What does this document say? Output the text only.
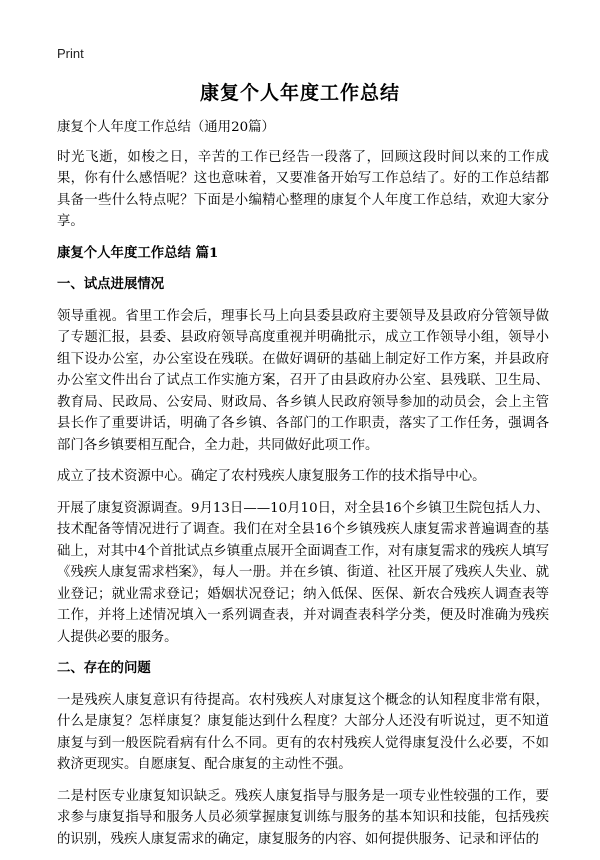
Print
康复个人年度工作总结

康复个人年度工作总结（通用20篇）

时光飞逝，如梭之日，辛苦的工作已经告一段落了，回顾这段时间以来的工作成果，你有什么感悟呢？这也意味着，又要准备开始写工作总结了。好的工作总结都具备一些什么特点呢？下面是小编精心整理的康复个人年度工作总结，欢迎大家分享。

康复个人年度工作总结 篇1

一、试点进展情况

领导重视。省里工作会后，理事长马上向县委县政府主要领导及县政府分管领导做了专题汇报，县委、县政府领导高度重视并明确批示，成立工作领导小组，领导小组下设办公室，办公室设在残联。在做好调研的基础上制定好工作方案，并县政府办公室文件出台了试点工作实施方案，召开了由县政府办公室、县残联、卫生局、教育局、民政局、公安局、财政局、各乡镇人民政府领导参加的动员会，会上主管县长作了重要讲话，明确了各乡镇、各部门的工作职责，落实了工作任务，强调各部门各乡镇要相互配合，全力赴，共同做好此项工作。

成立了技术资源中心。确定了农村残疾人康复服务工作的技术指导中心。

开展了康复资源调查。9月13日——10月10日，对全县16个乡镇卫生院包括人力、技术配备等情况进行了调查。我们在对全县16个乡镇残疾人康复需求普遍调查的基础上，对其中4个首批试点乡镇重点展开全面调查工作，对有康复需求的残疾人填写《残疾人康复需求档案》，每人一册。并在乡镇、街道、社区开展了残疾人失业、就业登记；就业需求登记；婚姻状况登记；纳入低保、医保、新农合残疾人调查表等工作，并将上述情况填入一系列调查表，并对调查表科学分类，便及时准确为残疾人提供必要的服务。

二、存在的问题

一是残疾人康复意识有待提高。农村残疾人对康复这个概念的认知程度非常有限，什么是康复？怎样康复？康复能达到什么程度？大部分人还没有听说过，更不知道康复与到一般医院看病有什么不同。更有的农村残疾人觉得康复没什么必要，不如救济更现实。自愿康复、配合康复的主动性不强。

二是村医专业康复知识缺乏。残疾人康复指导与服务是一项专业性较强的工作，要求参与康复指导和服务人员必须掌握康复训练与服务的基本知识和技能，包括残疾的识别，残疾人康复需求的确定，康复服务的内容、如何提供服务、记录和评估的
